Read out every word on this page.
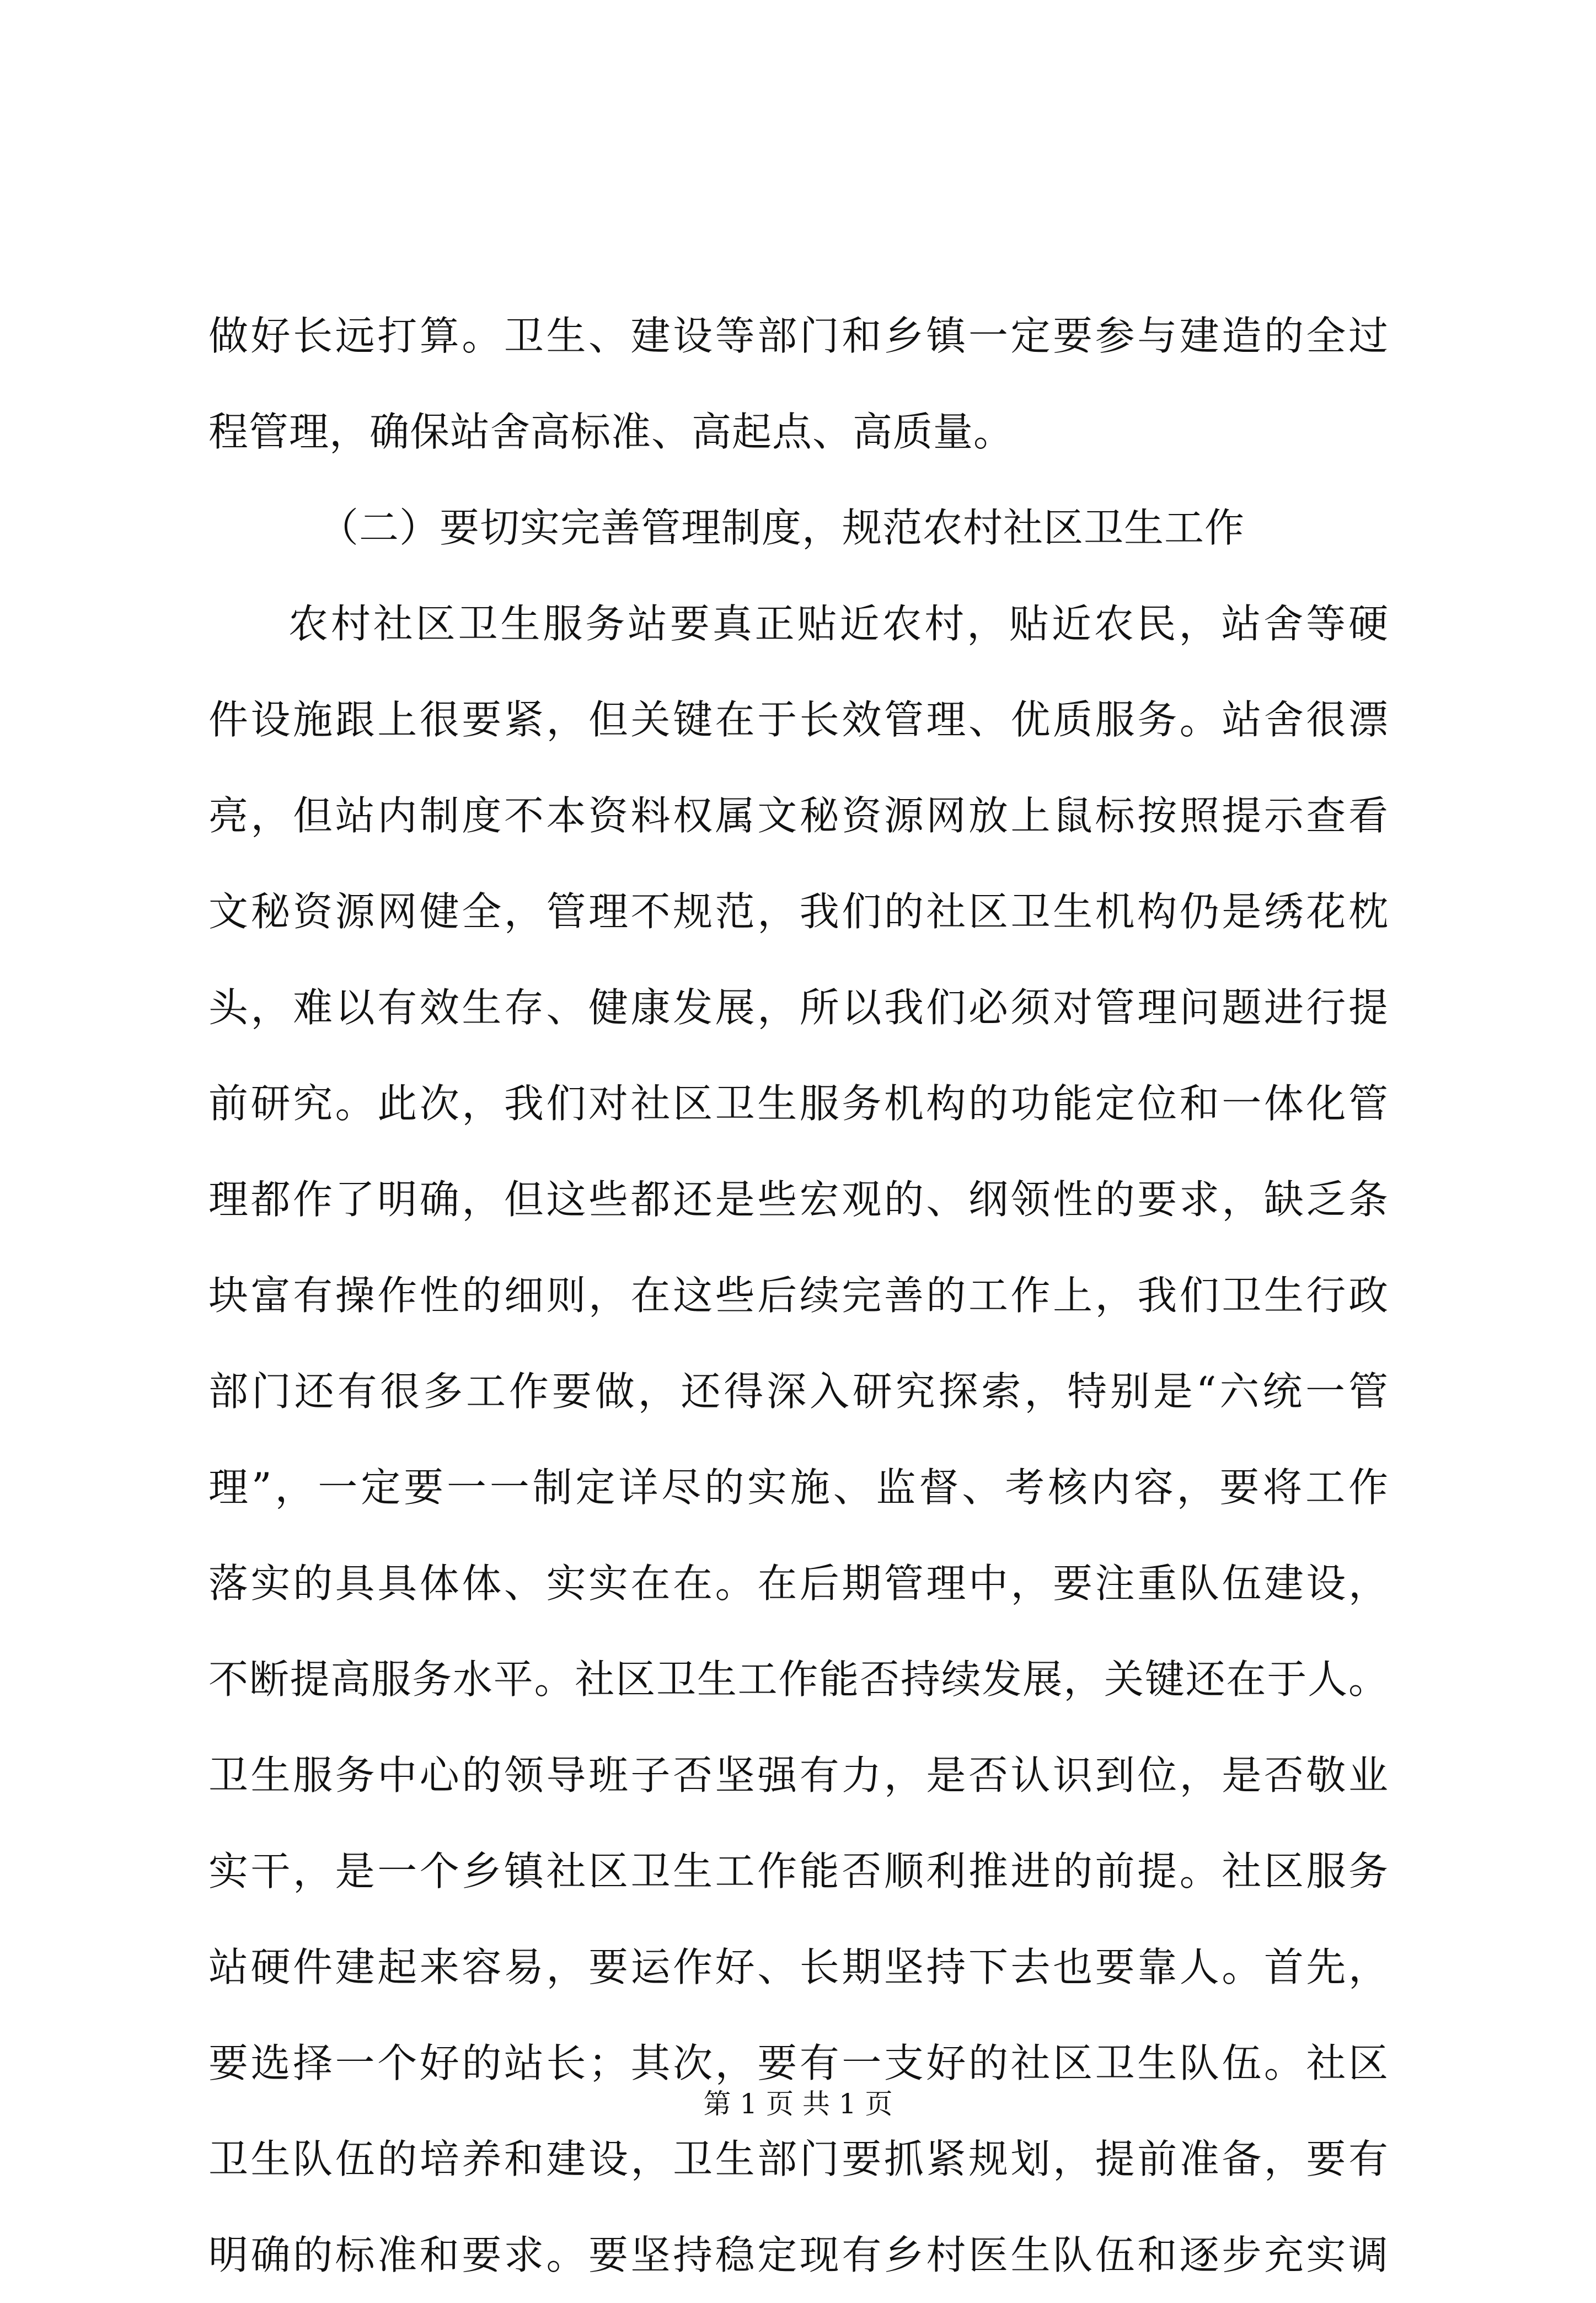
做好长远打算。卫生、建设等部门和乡镇一定要参与建造的全过
程管理，确保站舍高标准、高起点、高质量。
（二）要切实完善管理制度，规范农村社区卫生工作
农村社区卫生服务站要真正贴近农村，贴近农民，站舍等硬
件设施跟上很要紧，但关键在于长效管理、优质服务。站舍很漂
亮，但站内制度不本资料权属文秘资源网放上鼠标按照提示查看
文秘资源网健全，管理不规范，我们的社区卫生机构仍是绣花枕
头，难以有效生存、健康发展，所以我们必须对管理问题进行提
前研究。此次，我们对社区卫生服务机构的功能定位和一体化管
理都作了明确，但这些都还是些宏观的、纲领性的要求，缺乏条
块富有操作性的细则，在这些后续完善的工作上，我们卫生行政
部门还有很多工作要做，还得深入研究探索，特别是“六统一管
理”，一定要一一制定详尽的实施、监督、考核内容，要将工作
落实的具具体体、实实在在。在后期管理中，要注重队伍建设，
不断提高服务水平。社区卫生工作能否持续发展，关键还在于人。
卫生服务中心的领导班子否坚强有力，是否认识到位，是否敬业
实干，是一个乡镇社区卫生工作能否顺利推进的前提。社区服务
站硬件建起来容易，要运作好、长期坚持下去也要靠人。首先，
要选择一个好的站长；其次，要有一支好的社区卫生队伍。社区
卫生队伍的培养和建设，卫生部门要抓紧规划，提前准备，要有
明确的标准和要求。要坚持稳定现有乡村医生队伍和逐步充实调
第 1 页 共 1 页
